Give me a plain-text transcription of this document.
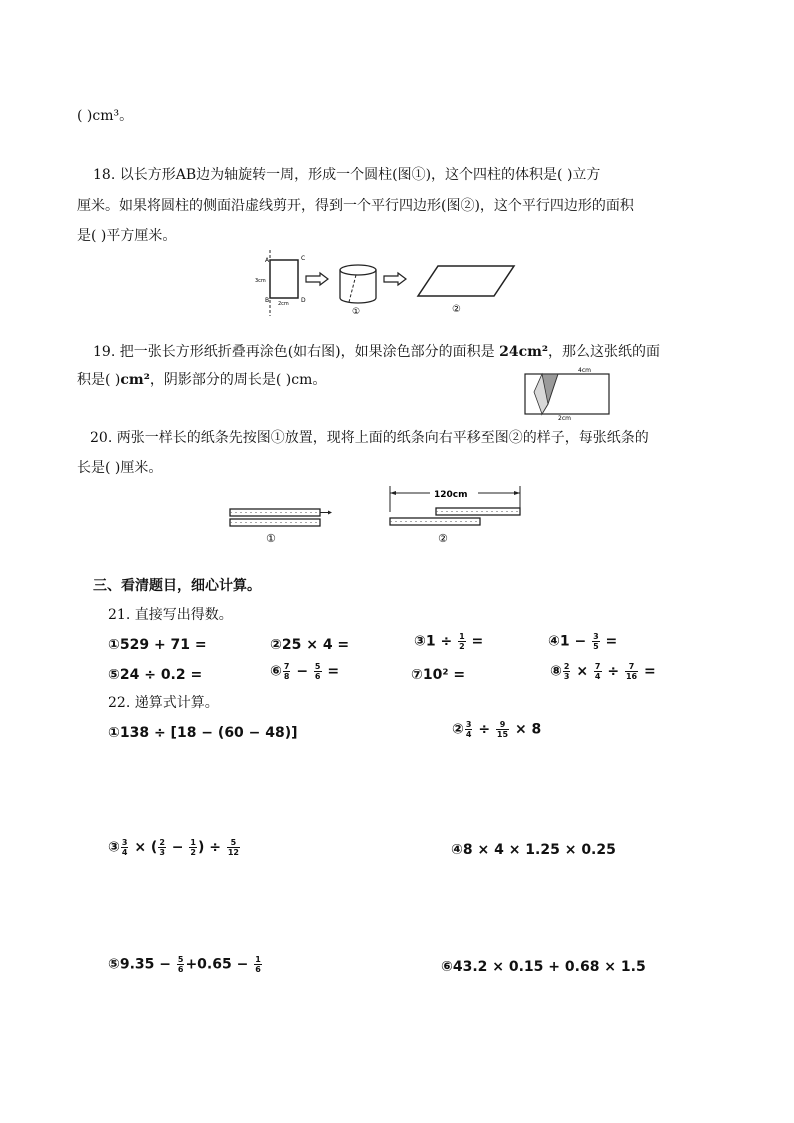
( )cm³。
18. 以长方形AB边为轴旋转一周，形成一个圆柱(图①)，这个四柱的体积是( )立方
厘米。如果将圆柱的侧面沿虚线剪开，得到一个平行四边形(图②)，这个平行四边形的面积
是( )平方厘米。
A	C
B	D
3cm
2cm
①	②
19. 把一张长方形纸折叠再涂色(如右图)，如果涂色部分的面积是 24cm²，那么这张纸的面
积是( )cm²，阴影部分的周长是( )cm。
4cm
2cm
20. 两张一样长的纸条先按图①放置，现将上面的纸条向右平移至图②的样子，每张纸条的
长是( )厘米。
①
120cm
②
三、看清题目，细心计算。
21. 直接写出得数。
①529 + 71 =	②25 × 4 =	③1 ÷ $\frac{1}{2}$ =	④1 − $\frac{3}{5}$ =
⑤24 ÷ 0.2 =	⑥ $\frac{7}{8} - \frac{5}{6}$ =	⑦10² =	⑧ $\frac{2}{3} \times \frac{7}{4} \div \frac{7}{16}$ =
22. 递算式计算。
①138 ÷ [18 − (60 − 48)]	② $\frac{3}{4} \div \frac{9}{15} \times 8$
③ $\frac{3}{4}$ × ( $\frac{2}{3} - \frac{1}{2}$ ) ÷ $\frac{5}{12}$	④8 × 4 × 1.25 × 0.25
⑤9.35 − $\frac{5}{6} +0.65 - \frac{1}{6}$	⑥43.2 × 0.15 + 0.68 × 1.5
